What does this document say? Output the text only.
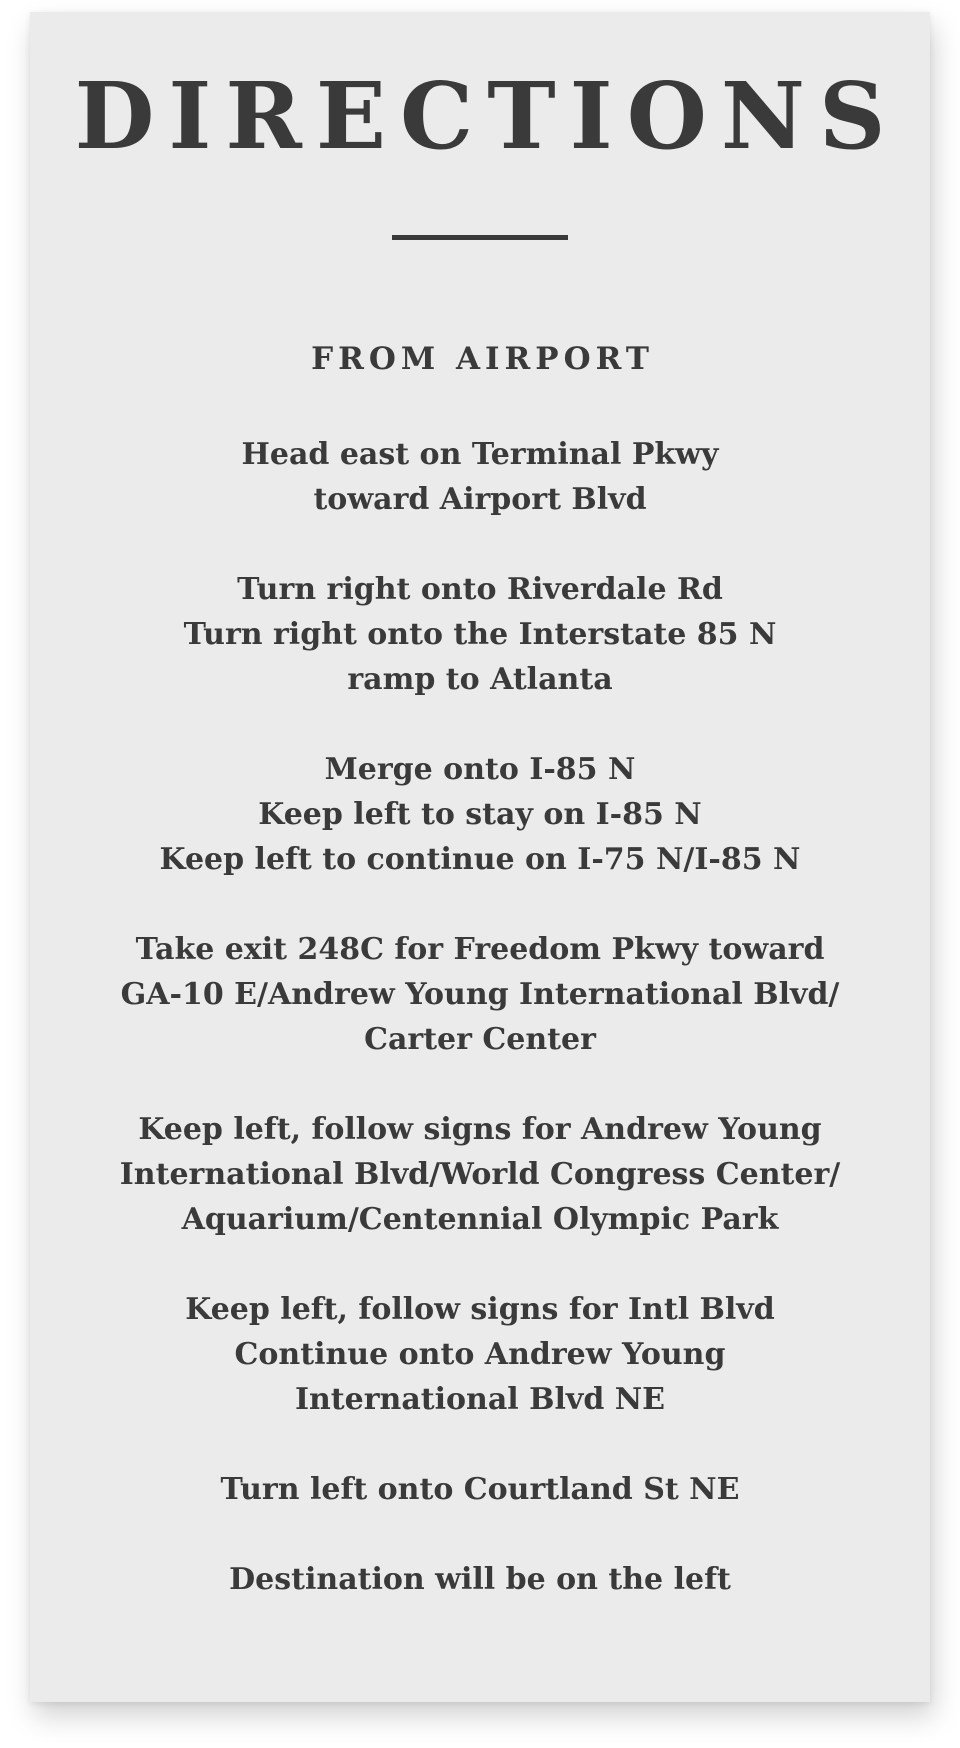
DIRECTIONS
FROM AIRPORT

Head east on Terminal Pkwy
toward Airport Blvd

Turn right onto Riverdale Rd
Turn right onto the Interstate 85 N
ramp to Atlanta

Merge onto I-85 N
Keep left to stay on I-85 N
Keep left to continue on I-75 N/I-85 N

Take exit 248C for Freedom Pkwy toward
GA-10 E/Andrew Young International Blvd/
Carter Center

Keep left, follow signs for Andrew Young
International Blvd/World Congress Center/
Aquarium/Centennial Olympic Park

Keep left, follow signs for Intl Blvd
Continue onto Andrew Young
International Blvd NE

Turn left onto Courtland St NE

Destination will be on the left
